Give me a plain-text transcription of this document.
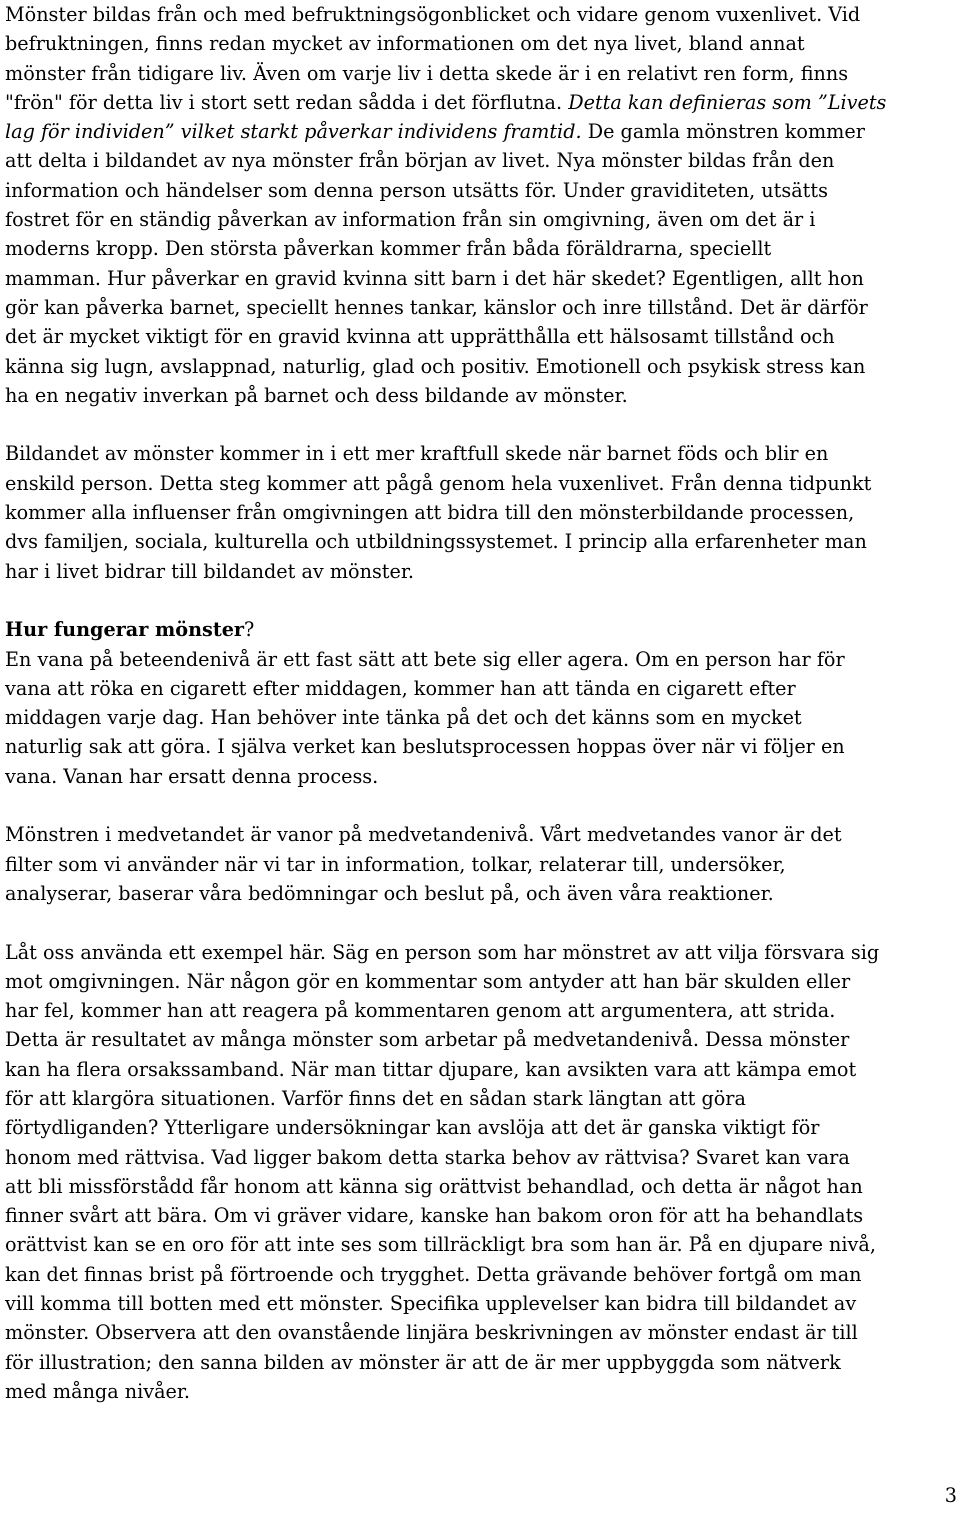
Mönster bildas från och med befruktningsögonblicket och vidare genom vuxenlivet. Vid
befruktningen, finns redan mycket av informationen om det nya livet, bland annat
mönster från tidigare liv. Även om varje liv i detta skede är i en relativt ren form, finns
"frön" för detta liv i stort sett redan sådda i det förflutna. Detta kan definieras som ”Livets
lag för individen” vilket starkt påverkar individens framtid. De gamla mönstren kommer
att delta i bildandet av nya mönster från början av livet. Nya mönster bildas från den
information och händelser som denna person utsätts för. Under graviditeten, utsätts
fostret för en ständig påverkan av information från sin omgivning, även om det är i
moderns kropp. Den största påverkan kommer från båda föräldrarna, speciellt
mamman. Hur påverkar en gravid kvinna sitt barn i det här skedet? Egentligen, allt hon
gör kan påverka barnet, speciellt hennes tankar, känslor och inre tillstånd. Det är därför
det är mycket viktigt för en gravid kvinna att upprätthålla ett hälsosamt tillstånd och
känna sig lugn, avslappnad, naturlig, glad och positiv. Emotionell och psykisk stress kan
ha en negativ inverkan på barnet och dess bildande av mönster.
Bildandet av mönster kommer in i ett mer kraftfull skede när barnet föds och blir en
enskild person. Detta steg kommer att pågå genom hela vuxenlivet. Från denna tidpunkt
kommer alla influenser från omgivningen att bidra till den mönsterbildande processen,
dvs familjen, sociala, kulturella och utbildningssystemet. I princip alla erfarenheter man
har i livet bidrar till bildandet av mönster.
Hur fungerar mönster?
En vana på beteendenivå är ett fast sätt att bete sig eller agera. Om en person har för
vana att röka en cigarett efter middagen, kommer han att tända en cigarett efter
middagen varje dag. Han behöver inte tänka på det och det känns som en mycket
naturlig sak att göra. I själva verket kan beslutsprocessen hoppas över när vi följer en
vana. Vanan har ersatt denna process.
Mönstren i medvetandet är vanor på medvetandenivå. Vårt medvetandes vanor är det
filter som vi använder när vi tar in information, tolkar, relaterar till, undersöker,
analyserar, baserar våra bedömningar och beslut på, och även våra reaktioner.
Låt oss använda ett exempel här. Säg en person som har mönstret av att vilja försvara sig
mot omgivningen. När någon gör en kommentar som antyder att han bär skulden eller
har fel, kommer han att reagera på kommentaren genom att argumentera, att strida.
Detta är resultatet av många mönster som arbetar på medvetandenivå. Dessa mönster
kan ha flera orsakssamband. När man tittar djupare, kan avsikten vara att kämpa emot
för att klargöra situationen. Varför finns det en sådan stark längtan att göra
förtydliganden? Ytterligare undersökningar kan avslöja att det är ganska viktigt för
honom med rättvisa. Vad ligger bakom detta starka behov av rättvisa? Svaret kan vara
att bli missförstådd får honom att känna sig orättvist behandlad, och detta är något han
finner svårt att bära. Om vi gräver vidare, kanske han bakom oron för att ha behandlats
orättvist kan se en oro för att inte ses som tillräckligt bra som han är. På en djupare nivå,
kan det finnas brist på förtroende och trygghet. Detta grävande behöver fortgå om man
vill komma till botten med ett mönster. Specifika upplevelser kan bidra till bildandet av
mönster. Observera att den ovanstående linjära beskrivningen av mönster endast är till
för illustration; den sanna bilden av mönster är att de är mer uppbyggda som nätverk
med många nivåer.
3
